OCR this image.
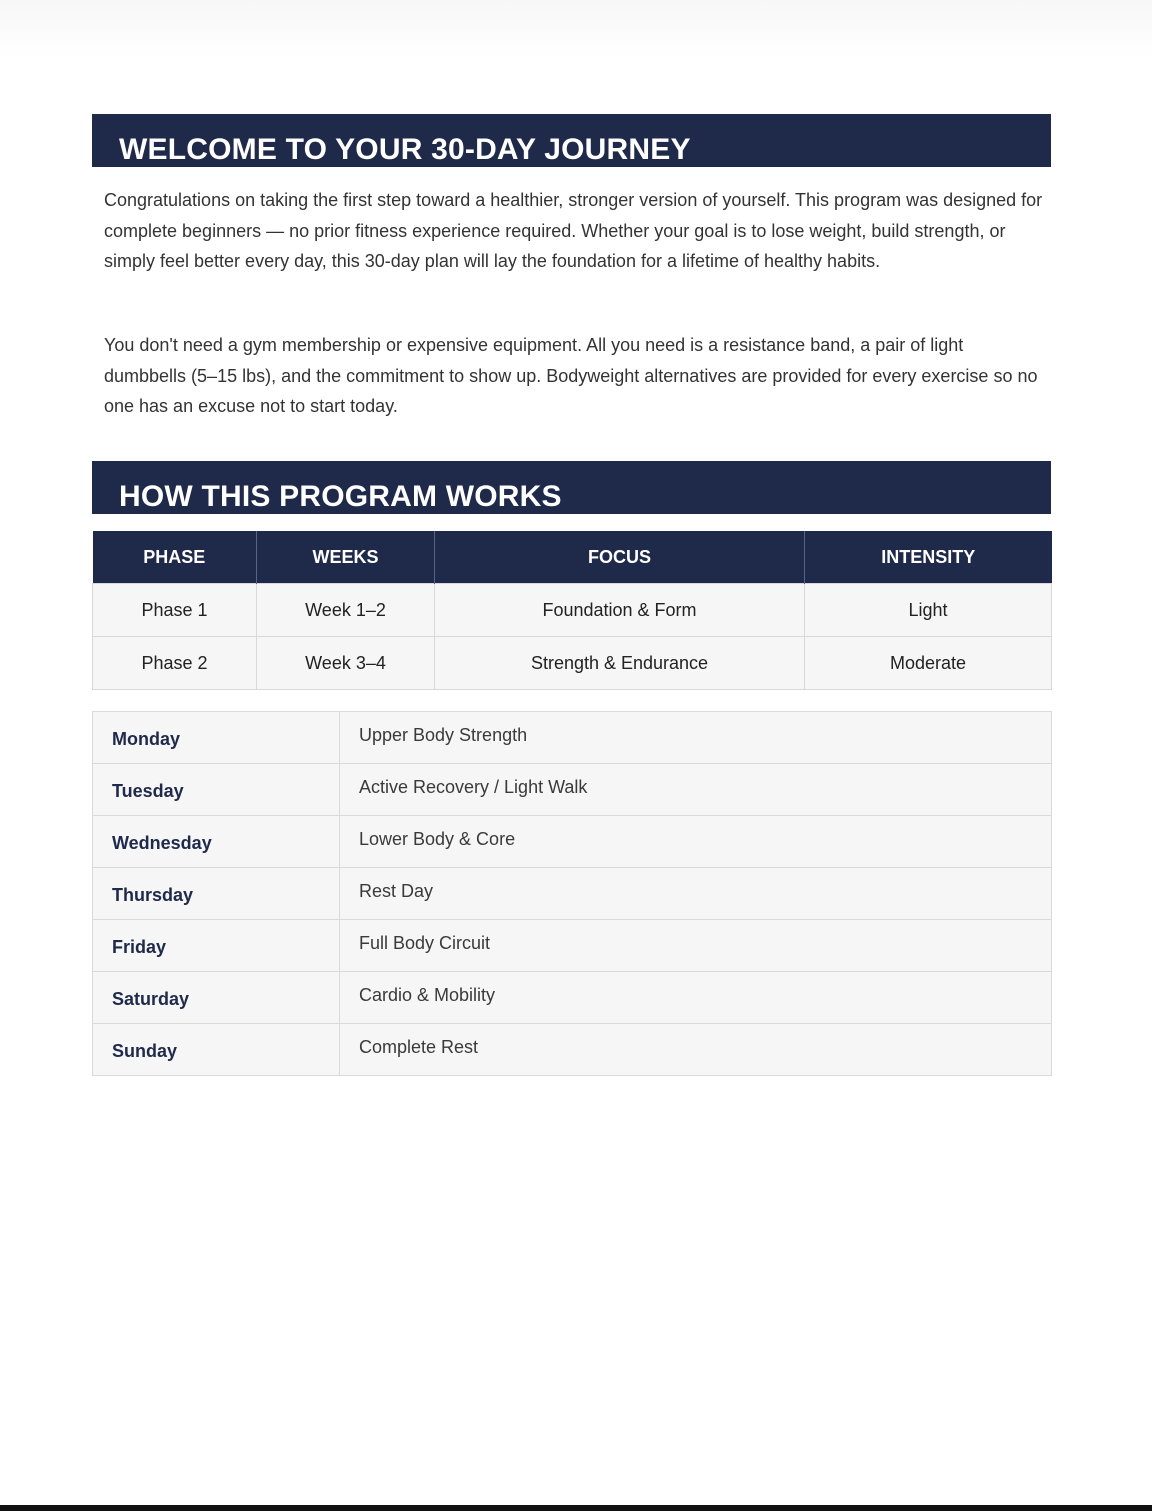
WELCOME TO YOUR 30-DAY JOURNEY

Congratulations on taking the first step toward a healthier, stronger version of yourself. This program was designed for complete beginners — no prior fitness experience required. Whether your goal is to lose weight, build strength, or simply feel better every day, this 30-day plan will lay the foundation for a lifetime of healthy habits.

You don't need a gym membership or expensive equipment. All you need is a resistance band, a pair of light dumbbells (5–15 lbs), and the commitment to show up. Bodyweight alternatives are provided for every exercise so no one has an excuse not to start today.

HOW THIS PROGRAM WORKS
PHASE	WEEKS	FOCUS	INTENSITY
Phase 1	Week 1–2	Foundation & Form	Light
Phase 2	Week 3–4	Strength & Endurance	Moderate
Monday	Upper Body Strength
Tuesday	Active Recovery / Light Walk
Wednesday	Lower Body & Core
Thursday	Rest Day
Friday	Full Body Circuit
Saturday	Cardio & Mobility
Sunday	Complete Rest
